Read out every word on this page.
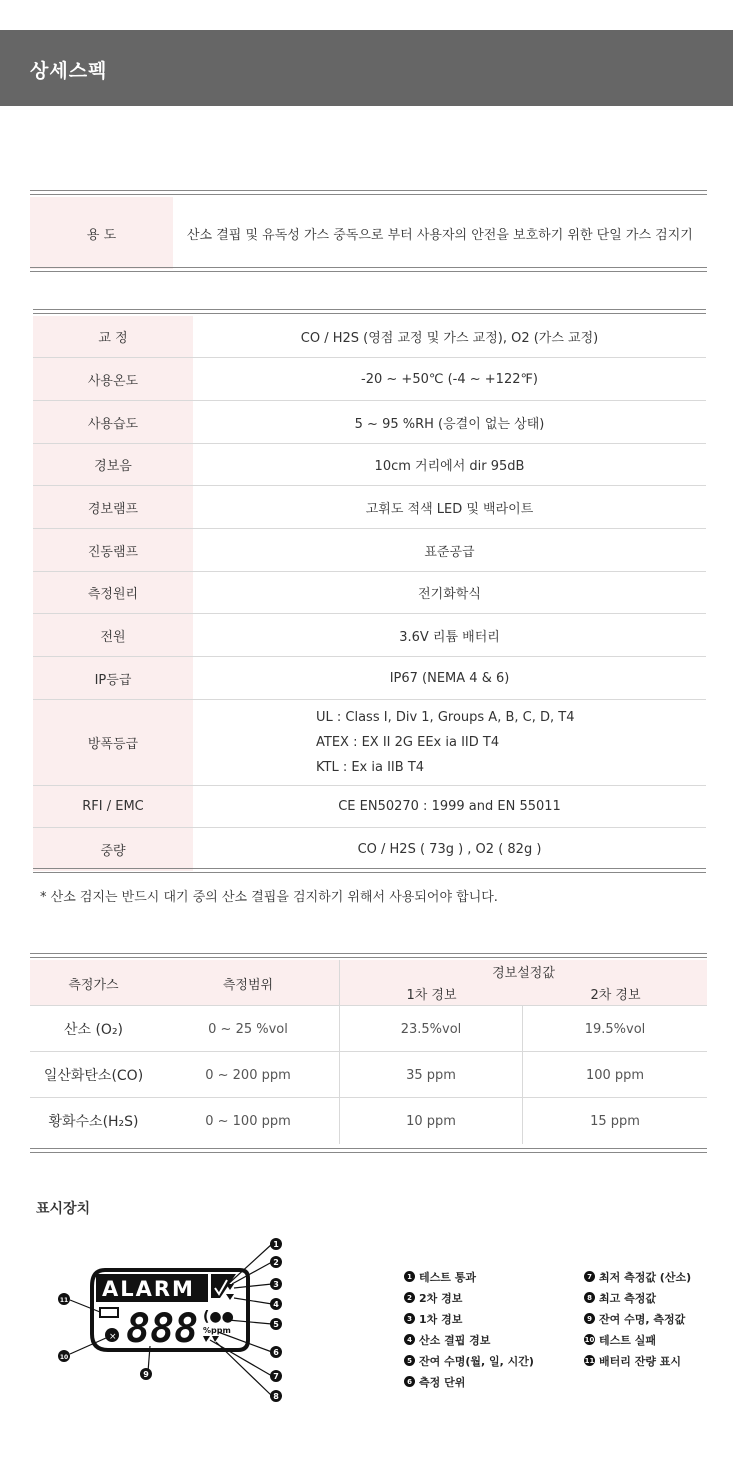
상세스펙
용 도	산소 결핍 및 유독성 가스 중독으로 부터 사용자의 안전을 보호하기 위한 단일 가스 검지기
교 정	CO / H2S (영점 교정 및 가스 교정), O2 (가스 교정)
사용온도	-20 ~ +50℃ (-4 ~ +122℉)
사용습도	5 ~ 95 %RH (응결이 없는 상태)
경보음	10cm 거리에서 dir 95dB
경보램프	고휘도 적색 LED 및 백라이트
진동램프	표준공급
측정원리	전기화학식
전원	3.6V 리튬 배터리
IP등급	IP67 (NEMA 4 & 6)
방폭등급
UL : Class I, Div 1, Groups A, B, C, D, T4
ATEX : EX II 2G EEx ia IID T4
KTL : Ex ia IIB T4
RFI / EMC	CE EN50270 : 1999 and EN 55011
중량	CO / H2S ( 73g ) , O2 ( 82g )
* 산소 검지는 반드시 대기 중의 산소 결핍을 검지하기 위해서 사용되어야 합니다.
측정가스	측정범위
경보설정값
1차 경보	2차 경보
산소 (O₂)	0 ~ 25 %vol	23.5%vol	19.5%vol
일산화탄소(CO)	0 ~ 200 ppm	35 ppm	100 ppm
황화수소(H₂S)	0 ~ 100 ppm	10 ppm	15 ppm
표시장치
ALARM
× 888 (●●
%ppm
1
2
3
4
5
6
7
8
9
10
11
1 테스트 통과
2 2차 경보
3 1차 경보
4 산소 결핍 경보
5 잔여 수명(월, 일, 시간)
6 측정 단위
7 최저 측정값 (산소)
8 최고 측정값
9 잔여 수명, 측정값
10 테스트 실패
11 배터리 잔량 표시
